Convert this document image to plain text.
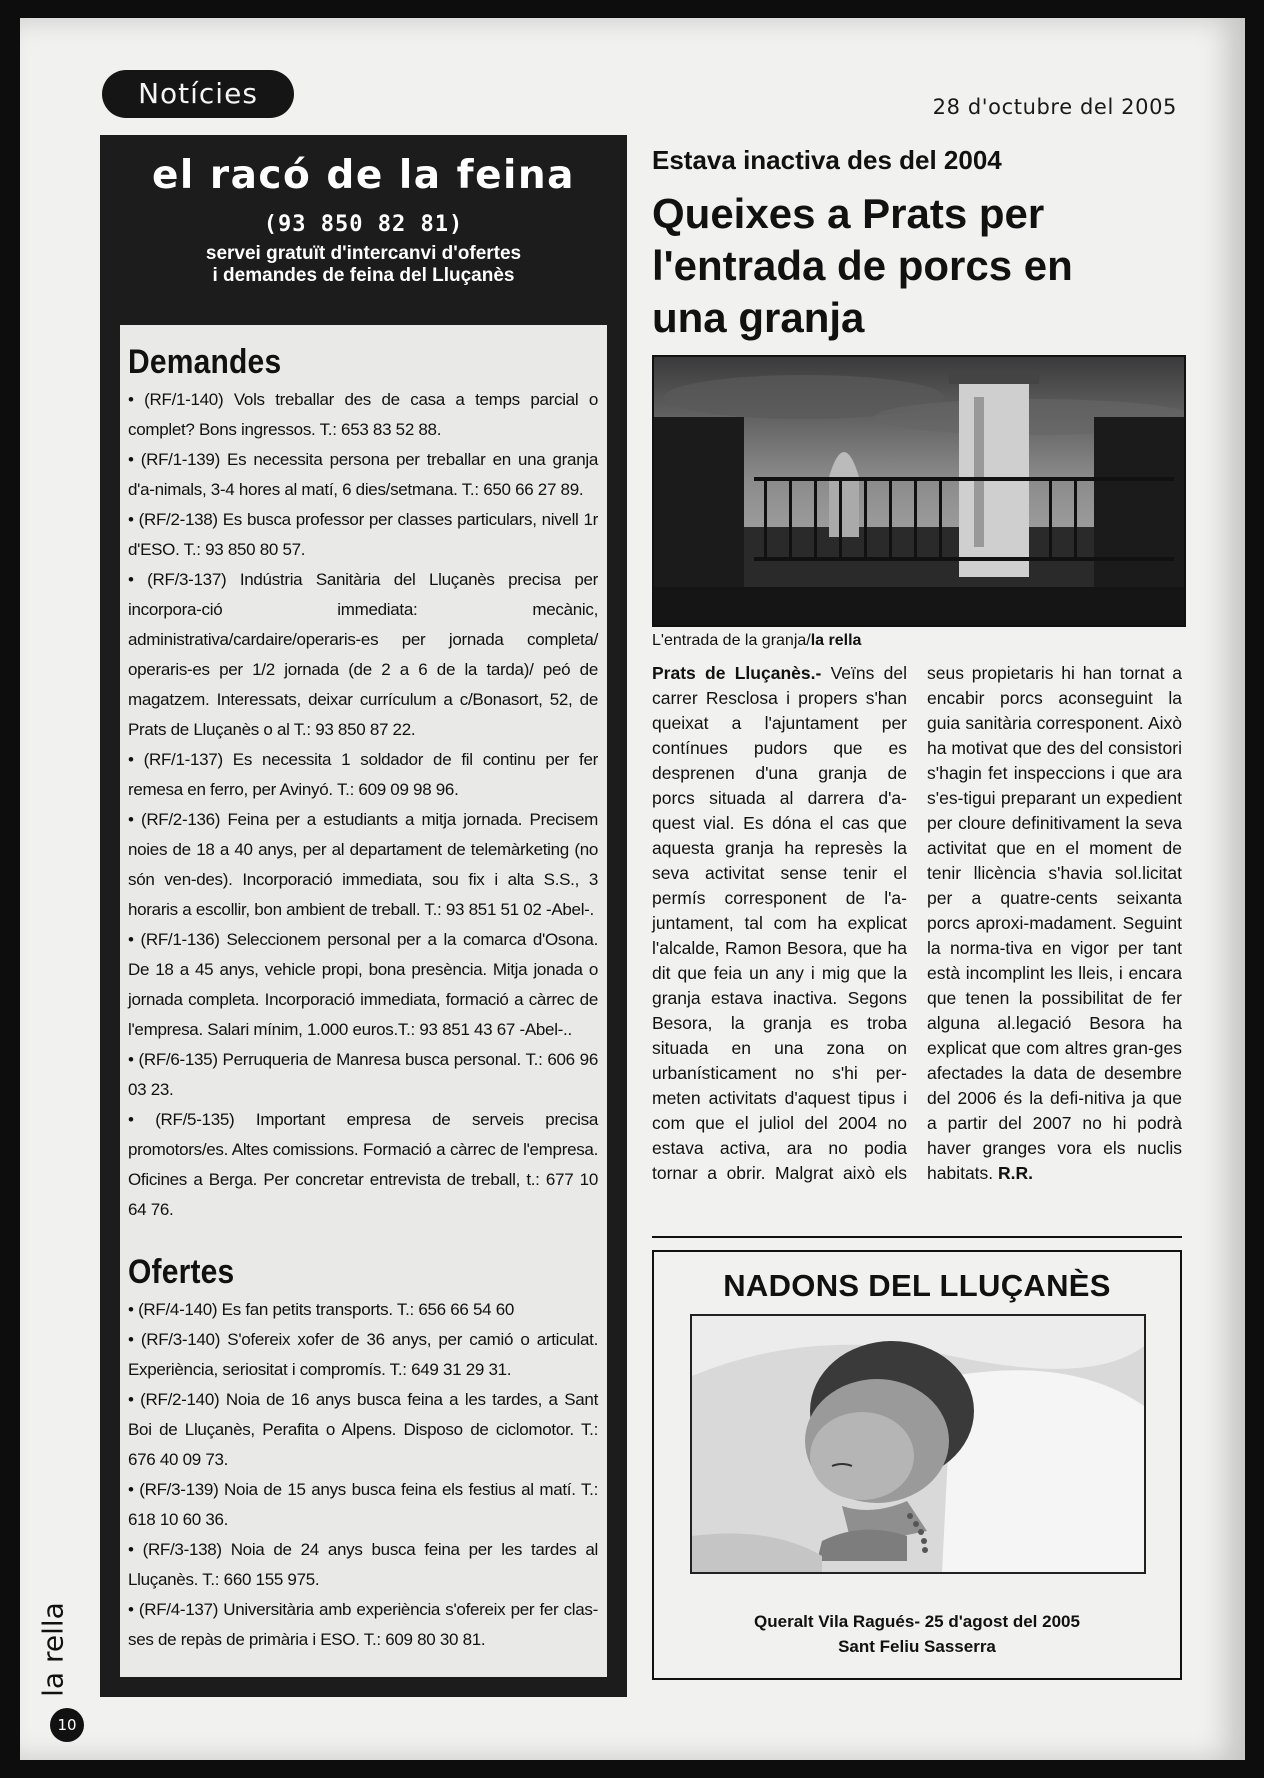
Notícies	28 d'octubre del 2005
el racó de la feina
(93 850 82 81)
servei gratuït d'intercanvi d'ofertes
i demandes de feina del Lluçanès
Demandes

• (RF/1-140) Vols treballar des de casa a temps parcial o complet? Bons ingressos. T.: 653 83 52 88.

• (RF/1-139) Es necessita persona per treballar en una granja d'a-nimals, 3-4 hores al matí, 6 dies/setmana. T.: 650 66 27 89.

• (RF/2-138) Es busca professor per classes particulars, nivell 1r d'ESO. T.: 93 850 80 57.

• (RF/3-137) Indústria Sanitària del Lluçanès precisa per incorpora-ció immediata: mecànic, administrativa/cardaire/operaris-es per jornada completa/ operaris-es per 1/2 jornada (de 2 a 6 de la tarda)/ peó de magatzem. Interessats, deixar currículum a c/Bonasort, 52, de Prats de Lluçanès o al T.: 93 850 87 22.

• (RF/1-137) Es necessita 1 soldador de fil continu per fer remesa en ferro, per Avinyó. T.: 609 09 98 96.

• (RF/2-136) Feina per a estudiants a mitja jornada. Precisem noies de 18 a 40 anys, per al departament de telemàrketing (no són ven-des). Incorporació immediata, sou fix i alta S.S., 3 horaris a escollir, bon ambient de treball. T.: 93 851 51 02 -Abel-.

• (RF/1-136) Seleccionem personal per a la comarca d'Osona. De 18 a 45 anys, vehicle propi, bona presència. Mitja jonada o jornada completa. Incorporació immediata, formació a càrrec de l'empresa. Salari mínim, 1.000 euros.T.: 93 851 43 67 -Abel-..

• (RF/6-135) Perruqueria de Manresa busca personal. T.: 606 96 03 23.

• (RF/5-135) Important empresa de serveis precisa promotors/es. Altes comissions. Formació a càrrec de l'empresa. Oficines a Berga. Per concretar entrevista de treball, t.: 677 10 64 76.

Ofertes

• (RF/4-140) Es fan petits transports. T.: 656 66 54 60

• (RF/3-140) S'ofereix xofer de 36 anys, per camió o articulat. Experiència, seriositat i compromís. T.: 649 31 29 31.

• (RF/2-140) Noia de 16 anys busca feina a les tardes, a Sant Boi de Lluçanès, Perafita o Alpens. Disposo de ciclomotor. T.: 676 40 09 73.

• (RF/3-139) Noia de 15 anys busca feina els festius al matí. T.: 618 10 60 36.

• (RF/3-138) Noia de 24 anys busca feina per les tardes al Lluçanès. T.: 660 155 975.

• (RF/4-137) Universitària amb experiència s'ofereix per fer clas-ses de repàs de primària i ESO. T.: 609 80 30 81.

Estava inactiva des del 2004
Queixes a Prats per l'entrada de porcs en una granja
L'entrada de la granja/la rella

Prats de Lluçanès.- Veïns del carrer Resclosa i propers s'han queixat a l'ajuntament per contínues pudors que es desprenen d'una granja de porcs situada al darrera d'a-quest vial. Es dóna el cas que aquesta granja ha represès la seva activitat sense tenir el permís corresponent de l'a-juntament, tal com ha explicat l'alcalde, Ramon Besora, que ha dit que feia un any i mig que la granja estava inactiva. Segons Besora, la granja es troba situada en una zona on urbanísticament no s'hi per-meten activitats d'aquest tipus i com que el juliol del 2004 no estava activa, ara no podia tornar a obrir. Malgrat això els seus propietaris hi han tornat a encabir porcs aconseguint la guia sanitària corresponent. Això ha motivat que des del consistori s'hagin fet inspeccions i que ara s'es-tigui preparant un expedient per cloure definitivament la seva activitat que en el moment de tenir llicència s'havia sol.licitat per a quatre-cents seixanta porcs aproxi-madament. Seguint la norma-tiva en vigor per tant està incomplint les lleis, i encara que tenen la possibilitat de fer alguna al.legació Besora ha explicat que com altres gran-ges afectades la data de desembre del 2006 és la defi-nitiva ja que a partir del 2007 no hi podrà haver granges vora els nuclis habitats. R.R.

NADONS DEL LLUÇANÈS
Queralt Vila Ragués- 25 d'agost del 2005
Sant Feliu Sasserra
la rella
10
